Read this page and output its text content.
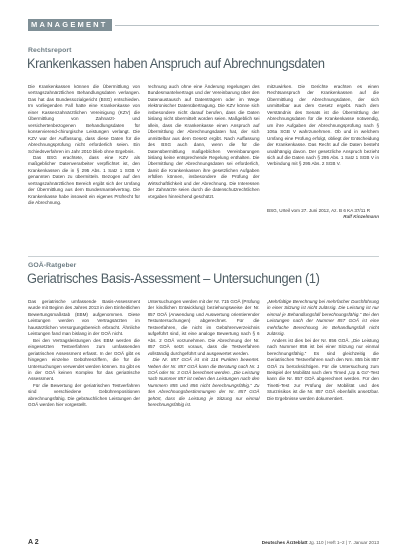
MANAGEMENT
Rechtsreport
Krankenkassen haben Anspruch auf Abrechnungsdaten

Die Krankenkassen können die Übermittlung von vertragszahnärztlichen Behandlungsdaten verlangen. Das hat das Bundessozialgericht (BSG) entschieden. Im vorliegenden Fall hatte eine Krankenkasse von einer Kassenzahnärztlichen Vereinigung (KZV) die Übermittlung von Zahnarzt- und versichertenbezogenen Behandlungsdaten für konservierend-chirurgische Leistungen verlangt. Die KZV war der Auffassung, dass diese Daten für die Abrechnungsprüfung nicht erforderlich seien. Ein Schiedsverfahren im Jahr 2010 blieb ohne Ergebnis.

Das BSG erachtete, dass eine KZV als maßgeblicher Datenverarbeiter verpflichtet ist, den Krankenkassen die in § 295 Abs. 1 Satz 1 SGB V genannten Daten zu übermitteln. Bezogen auf den vertragszahnärztlichen Bereich ergibt sich der Umfang der Übermittlung aus dem Bundesmantelvertrag. Die Krankenkasse habe insoweit ein eigenes Prüfrecht für die Abrechnung.

rechnung auch ohne eine Änderung regelungen des Bundesmantelvertrags und der Vereinbarung über den Datenaustausch auf Datenträgern oder im Wege elektronischer Datenübertragung. Die KZV könne sich insbesondere nicht darauf berufen, dass die Daten bislang nicht übermittelt worden seien. Maßgeblich sei allein, dass die Krankenkasse einen Anspruch auf Übermittlung der Abrechnungsdaten hat, der sich unmittelbar aus dem Gesetz ergibt. Nach Auffassung des BSG auch dann, wenn die für die Datenübermittlung maßgeblichen Vereinbarungen bislang keine entsprechende Regelung enthalten. Die Übermittlung der Abrechnungsdaten sei erforderlich, damit die Krankenkassen ihre gesetzlichen Aufgaben erfüllen können, insbesondere die Prüfung der Wirtschaftlichkeit und der Abrechnung. Die Interessen der Zahnärzte seien durch die datenschutzrechtlichen Vorgaben hinreichend geschützt.

mitzuwirken. Die Gerichte erachten es einen Rechtsanspruch der Krankenkassen auf die Übermittlung der Abrechnungsdaten, der sich unmittelbar aus dem Gesetz ergebt. Nach dem Verständnis des Senats ist die Übermittlung der Abrechnungsdaten für die Krankenkasse notwendig, um ihre Aufgaben der Abrechnungsprüfung nach § 106a SGB V wahrzunehmen. Ob und in welchem Umfang eine Prüfung erfolgt, obliegt der Entscheidung der Krankenkasse. Das Recht auf die Daten besteht unabhängig davon. Der gesetzliche Anspruch bezieht sich auf die Daten nach § 295 Abs. 1 Satz 1 SGB V in Verbindung mit § 295 Abs. 2 SGB V.

BSG, Urteil vom 27. Juni 2012, Az. B 6 KA 37/11 R

Ralf Kinzelmann
GOÄ-Ratgeber
Geriatrisches Basis-Assessment – Untersuchungen (1)

Das geriatrische umfassende Basis-Assessment wurde mit Beginn des Jahres 2013 in den Einheitlichen Bewertungsmaßstab (EBM) aufgenommen. Diese Leistungen werden von Vertragsärzten im hausärztlichen Versorgungsbereich erbracht. Ähnliche Leistungen fand man bislang in der GOÄ nicht.

Bei den Vertragsleistungen des EBM werden die eingesetzten Testverfahren zum umfassenden geriatrischen Assessment erfasst. In der GOÄ gibt es hingegen einzelne Gebührenziffern, die für die Untersuchungen verwendet werden können. So gibt es in der GOÄ keinen Komplex für das geriatrische Assessment.

Für die Bewertung der geriatrischen Testverfahren sind verschiedene Gebührenpositionen abrechnungsfähig. Die gebräuchlichen Leistungen der GOÄ werden hier vorgestellt.

Untersuchungen werden mit der Nr. 715 GOÄ (Prüfung der kindlichen Entwicklung) beziehungsweise der Nr. 857 GOÄ (Anwendung und Auswertung orientierender Testuntersuchungen) abgerechnet. Für die Testverfahren, die nicht im Gebührenverzeichnis aufgeführt sind, ist eine analoge Bewertung nach § 6 Abs. 2 GOÄ vorzunehmen. Die Abrechnung der Nr. 857 GOÄ setzt voraus, dass die Testverfahren vollständig durchgeführt und ausgewertet werden.

Die Nr. 857 GOÄ ist mit 116 Punkten bewertet. Neben der Nr. 857 GOÄ kann die Beratung nach Nr. 1 GOÄ oder Nr. 3 GOÄ berechnet werden. „Die Leistung nach Nummer 857 ist neben den Leistungen nach den Nummern 855 und 856 nicht berechnungsfähig.“ Zu den Abrechnungsbestimmungen der Nr. 857 GOÄ gehört, dass die Leistung je Sitzung nur einmal berechnungsfähig ist.

„Mehrfaltige Berechnung bei mehrfacher Durchführung in einer Sitzung ist nicht zulässig. Die Leistung ist nur einmal je Behandlungsfall berechnungsfähig.“ Bei den Leistungen nach der Nummer 857 GOÄ ist eine mehrfache Berechnung im Behandlungsfall nicht zulässig.

Anders ist dies bei der Nr. 856 GOÄ. „Die Leistung nach Nummer 856 ist bei einer Sitzung nur einmal berechnungsfähig.“ Es sind gleichzeitig die Geriatrischen Testverfahren nach den Nrn. 855 bis 857 GOÄ zu berücksichtigen. Für die Untersuchung zum Beispiel der Mobilität nach dem Timed „Up & Go“-Test kann die Nr. 857 GOÄ abgerechnet werden. Für den Tinetti-Test zur Prüfung der Mobilität und des Sturzrisikos ist die Nr. 857 GOÄ ebenfalls ansetzbar. Die Ergebnisse werden dokumentiert.

A 2	Deutsches Ärzteblatt Jg. 110 | Heft 1–2 | 7. Januar 2013
